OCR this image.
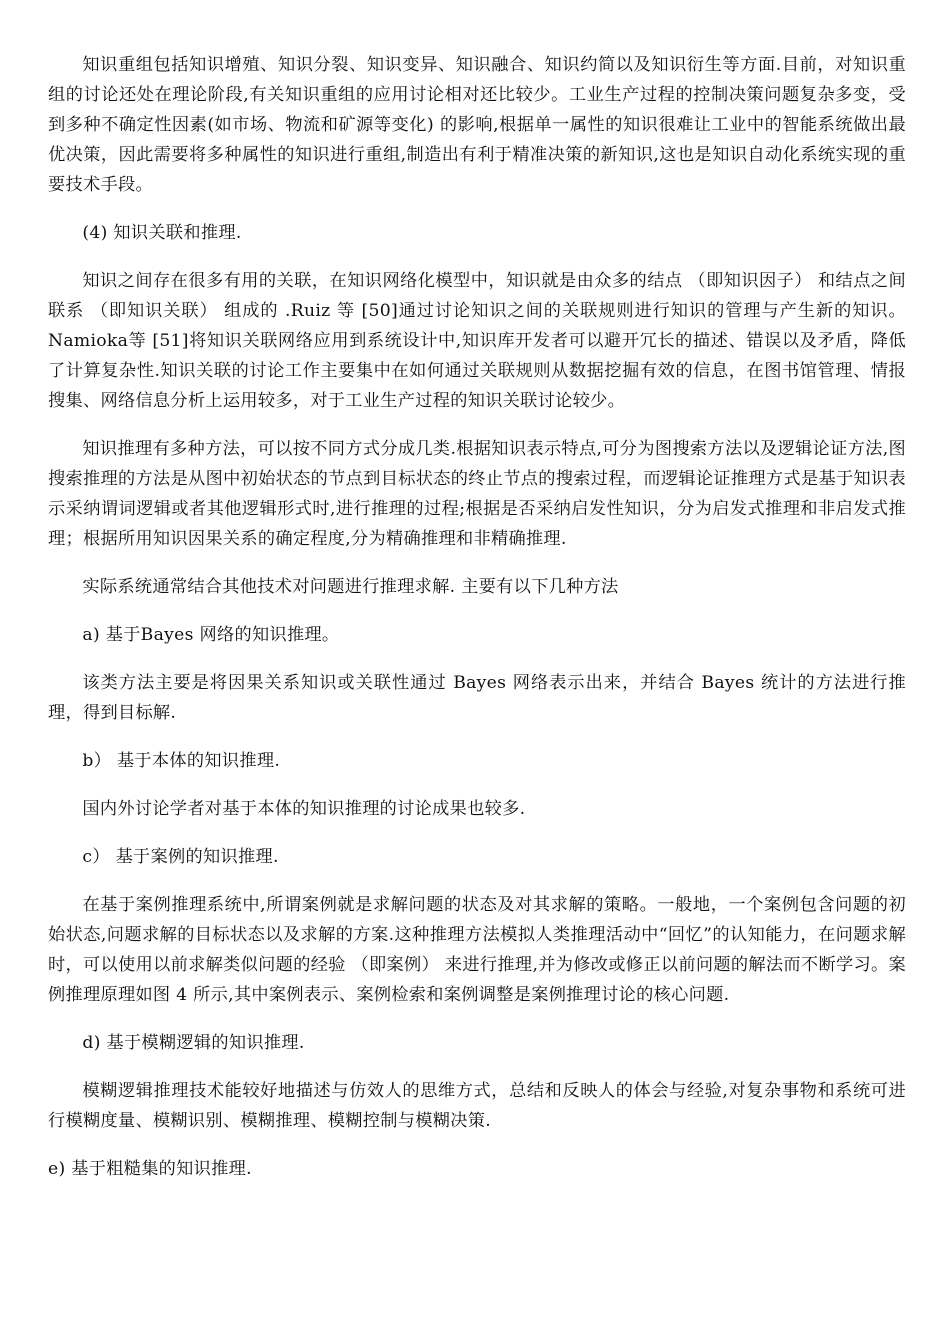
知识重组包括知识增殖、知识分裂、知识变异、知识融合、知识约简以及知识衍生等方面.目前，对知识重组的讨论还处在理论阶段,有关知识重组的应用讨论相对还比较少。工业生产过程的控制决策问题复杂多变，受到多种不确定性因素(如市场、物流和矿源等变化) 的影响,根据单一属性的知识很难让工业中的智能系统做出最优决策，因此需要将多种属性的知识进行重组,制造出有利于精准决策的新知识,这也是知识自动化系统实现的重要技术手段。

(4) 知识关联和推理.

知识之间存在很多有用的关联，在知识网络化模型中，知识就是由众多的结点 （即知识因子） 和结点之间联系 （即知识关联） 组成的 .Ruiz 等 [50]通过讨论知识之间的关联规则进行知识的管理与产生新的知识。Namioka等 [51]将知识关联网络应用到系统设计中,知识库开发者可以避开冗长的描述、错误以及矛盾，降低了计算复杂性.知识关联的讨论工作主要集中在如何通过关联规则从数据挖掘有效的信息，在图书馆管理、情报搜集、网络信息分析上运用较多，对于工业生产过程的知识关联讨论较少。

知识推理有多种方法，可以按不同方式分成几类.根据知识表示特点,可分为图搜索方法以及逻辑论证方法,图搜索推理的方法是从图中初始状态的节点到目标状态的终止节点的搜索过程，而逻辑论证推理方式是基于知识表示采纳谓词逻辑或者其他逻辑形式时,进行推理的过程;根据是否采纳启发性知识，分为启发式推理和非启发式推理；根据所用知识因果关系的确定程度,分为精确推理和非精确推理.

实际系统通常结合其他技术对问题进行推理求解. 主要有以下几种方法

a) 基于Bayes 网络的知识推理。

该类方法主要是将因果关系知识或关联性通过 Bayes 网络表示出来，并结合 Bayes 统计的方法进行推理，得到目标解.

b） 基于本体的知识推理.

国内外讨论学者对基于本体的知识推理的讨论成果也较多.

c） 基于案例的知识推理.

在基于案例推理系统中,所谓案例就是求解问题的状态及对其求解的策略。一般地，一个案例包含问题的初始状态,问题求解的目标状态以及求解的方案.这种推理方法模拟人类推理活动中“回忆”的认知能力，在问题求解时，可以使用以前求解类似问题的经验 （即案例） 来进行推理,并为修改或修正以前问题的解法而不断学习。案例推理原理如图 4 所示,其中案例表示、案例检索和案例调整是案例推理讨论的核心问题.

d) 基于模糊逻辑的知识推理.

模糊逻辑推理技术能较好地描述与仿效人的思维方式，总结和反映人的体会与经验,对复杂事物和系统可进行模糊度量、模糊识别、模糊推理、模糊控制与模糊决策.

e) 基于粗糙集的知识推理.
